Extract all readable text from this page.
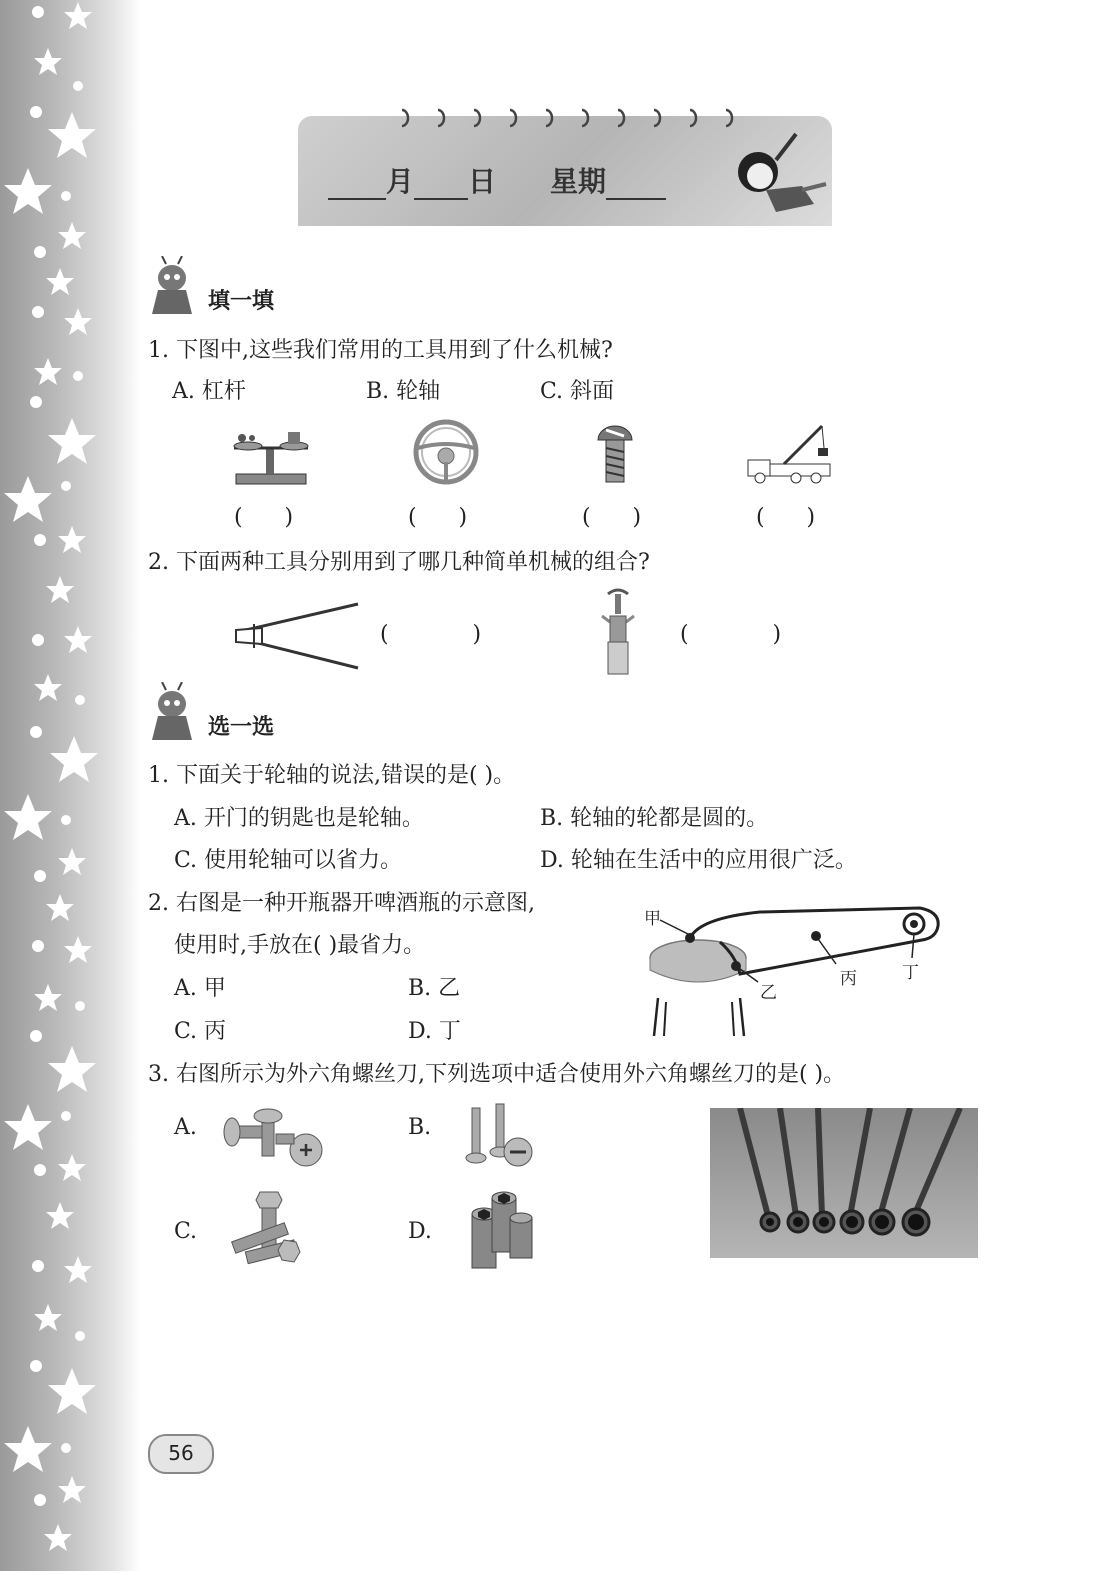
月 日 星期
填一填
1. 下图中,这些我们常用的工具用到了什么机械?
A. 杠杆	B. 轮轴	C. 斜面
(      )	(      )	(      )	(      )
2. 下面两种工具分别用到了哪几种简单机械的组合?
(            )	(            )
选一选
1. 下面关于轮轴的说法,错误的是( )。
A. 开门的钥匙也是轮轴。	B. 轮轴的轮都是圆的。
C. 使用轮轴可以省力。	D. 轮轴在生活中的应用很广泛。
2. 右图是一种开瓶器开啤酒瓶的示意图,
使用时,手放在( )最省力。
A. 甲	B. 乙
C. 丙	D. 丁
甲
乙
丙	丁
3. 右图所示为外六角螺丝刀,下列选项中适合使用外六角螺丝刀的是( )。
A.	B.
C.	D.
56
